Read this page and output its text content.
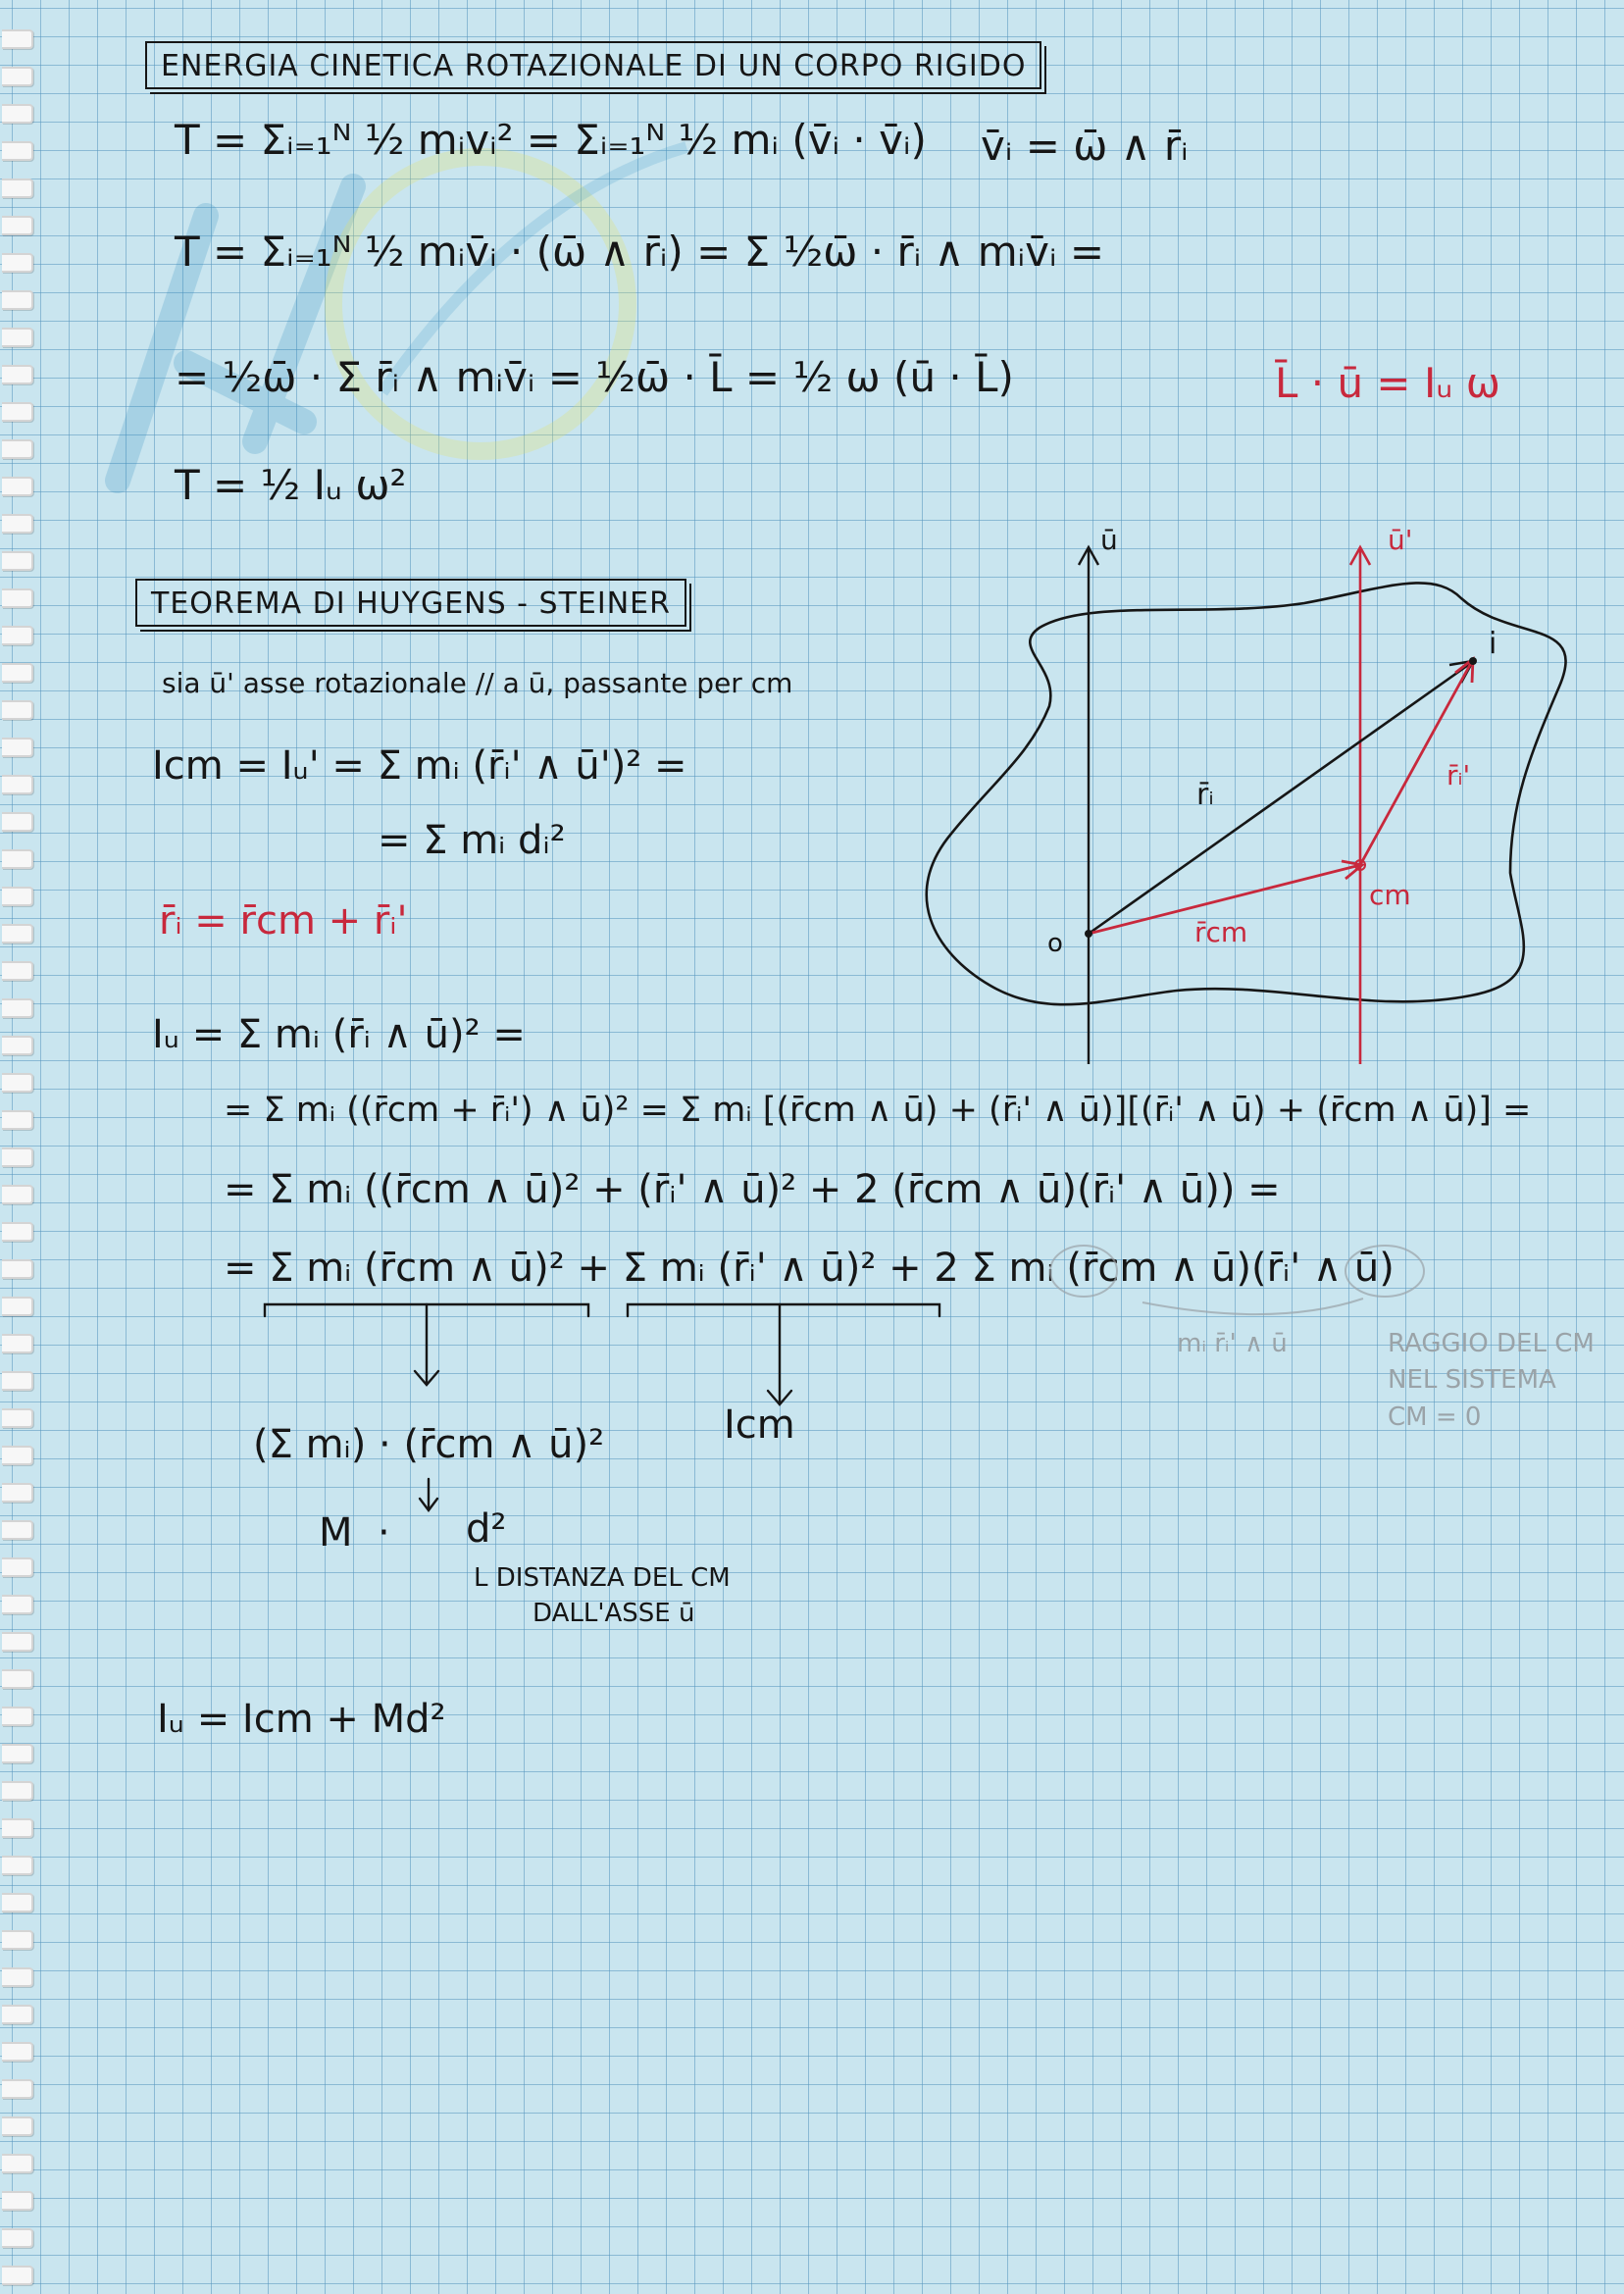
ENERGIA CINETICA ROTAZIONALE DI UN CORPO RIGIDO
T = Σᵢ₌₁ᴺ ½ mᵢvᵢ² = Σᵢ₌₁ᴺ ½ mᵢ (v̄ᵢ · v̄ᵢ) v̄ᵢ = ω̄ ∧ r̄ᵢ
T = Σᵢ₌₁ᴺ ½ mᵢv̄ᵢ · (ω̄ ∧ r̄ᵢ) = Σ ½ω̄ · r̄ᵢ ∧ mᵢv̄ᵢ =
= ½ω̄ · Σ r̄ᵢ ∧ mᵢv̄ᵢ = ½ω̄ · L̄ = ½ ω (ū · L̄)	L̄ · ū = Iᵤ ω
T = ½ Iᵤ ω²
TEOREMA DI HUYGENS - STEINER
sia ū' asse rotazionale // a ū, passante per cm
Icm = Iᵤ' = Σ mᵢ (r̄ᵢ' ∧ ū')² =
= Σ mᵢ dᵢ²
r̄ᵢ = r̄cm + r̄ᵢ'
Iᵤ = Σ mᵢ (r̄ᵢ ∧ ū)² =
= Σ mᵢ ((r̄cm + r̄ᵢ') ∧ ū)² = Σ mᵢ [(r̄cm ∧ ū) + (r̄ᵢ' ∧ ū)][(r̄ᵢ' ∧ ū) + (r̄cm ∧ ū)] =
= Σ mᵢ ((r̄cm ∧ ū)² + (r̄ᵢ' ∧ ū)² + 2 (r̄cm ∧ ū)(r̄ᵢ' ∧ ū)) =
= Σ mᵢ (r̄cm ∧ ū)² + Σ mᵢ (r̄ᵢ' ∧ ū)² + 2 Σ mᵢ (r̄cm ∧ ū)(r̄ᵢ' ∧ ū)
(Σ mᵢ) · (r̄cm ∧ ū)²	Icm
M · d²
L DISTANZA DEL CM
DALL'ASSE ū
mᵢ r̄ᵢ' ∧ ū	RAGGIO DEL CM
NEL SISTEMA
CM = 0
Iᵤ = Icm + Md²
ū	ū'
i
o
r̄ᵢ
r̄ᵢ'
r̄cm
cm
